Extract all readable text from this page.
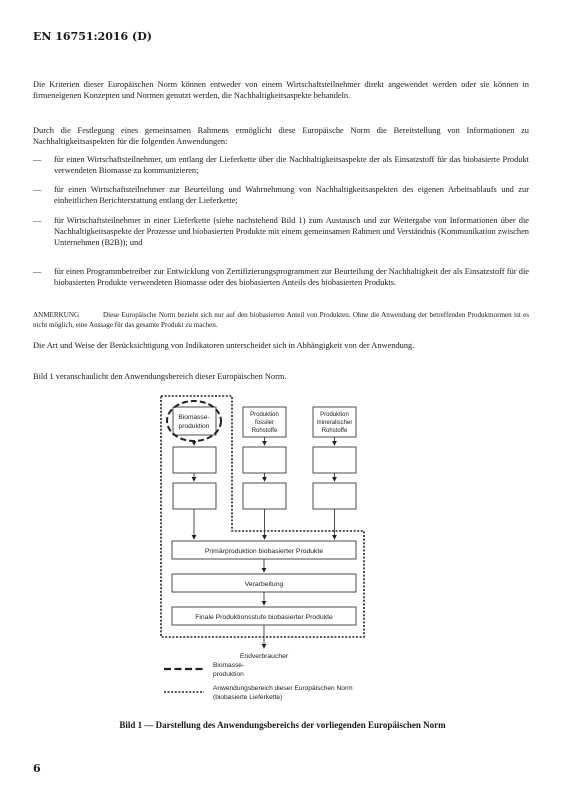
EN 16751:2016 (D)

Die Kriterien dieser Europäischen Norm können entweder von einem Wirtschaftsteilnehmer direkt angewendet werden oder sie können in firmeneigenen Konzepten und Normen genutzt werden, die Nachhaltigkeitsaspekte behandeln.

Durch die Festlegung eines gemeinsamen Rahmens ermöglicht diese Europäische Norm die Bereitstellung von Informationen zu Nachhaltigkeitsaspekten für die folgenden Anwendungen:

—	für einen Wirtschaftsteilnehmer, um entlang der Lieferkette über die Nachhaltigkeitsaspekte der als Einsatzstoff für das biobasierte Produkt verwendeten Biomasse zu kommunizieren;
—	für einen Wirtschaftsteilnehmer zur Beurteilung und Wahrnehmung von Nachhaltigkeitsaspekten des eigenen Arbeitsablaufs und zur einheitlichen Berichterstattung entlang der Lieferkette;
—	für Wirtschaftsteilnehmer in einer Lieferkette (siehe nachstehend Bild 1) zum Austausch und zur Weitergabe von Informationen über die Nachhaltigkeitsaspekte der Prozesse und biobasierten Produkte mit einem gemeinsamen Rahmen und Verständnis (Kommunikation zwischen Unternehmen (B2B)); und
—	für einen Programmbetreiber zur Entwicklung von Zertifizierungsprogrammen zur Beurteilung der Nachhaltigkeit der als Einsatzstoff für die biobasierten Produkte verwendeten Biomasse oder des biobasierten Anteils des biobasierten Produkts.
ANMERKUNG	Diese Europäische Norm bezieht sich nur auf den biobasierten Anteil von Produkten. Ohne die Anwendung der betreffenden Produktnormen ist es nicht möglich, eine Aussage für das gesamte Produkt zu machen.

Die Art und Weise der Berücksichtigung von Indikatoren unterscheidet sich in Abhängigkeit von der Anwendung.

Bild 1 veranschaulicht den Anwendungsbereich dieser Europäischen Norm.

Biomasse-
produktion
Produktion
fossiler
Rohstoffe
Produktion
mineralischer
Rohstoffe
Primärproduktion biobasierter Produkte
Verarbeitung
Finale Produktionsstufe biobasierter Produkte
Endverbraucher
Biomasse-
produktion
Anwendungsbereich dieser Europäischen Norm
(biobasierte Lieferkette)
Bild 1 — Darstellung des Anwendungsbereichs der vorliegenden Europäischen Norm
6
